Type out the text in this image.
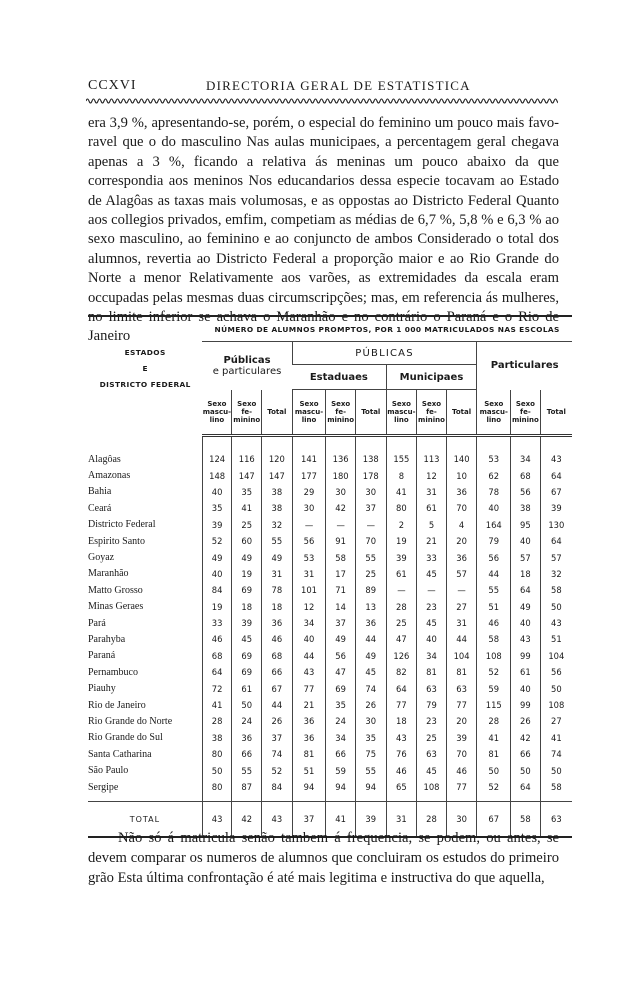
CCXVI	DIRECTORIA GERAL DE ESTATISTICA
era 3,9 %, apresentando-se, porém, o especial do feminino um pouco mais favo-ravel que o do masculino Nas aulas municipaes, a percentagem geral chegava apenas a 3 %, ficando a relativa ás meninas um pouco abaixo da que correspondia aos meninos Nos educandarios dessa especie tocavam ao Estado de Alagôas as taxas mais volumosas, e as oppostas ao Districto Federal Quanto aos collegios privados, emfim, competiam as médias de 6,7 %, 5,8 % e 6,3 % ao sexo masculino, ao feminino e ao conjuncto de ambos Considerado o total dos alumnos, revertia ao Districto Federal a proporção maior e ao Rio Grande do Norte a menor Relativamente aos varões, as extremidades da escala eram occupadas pelas mesmas duas circumscripções; mas, em referencia ás mulheres, no limite inferior se achava o Maranhão e no contrário o Paraná e o Rio de Janeiro
ESTADOS
E
DISTRICTO FEDERAL	NÚMERO DE ALUMNOS PROMPTOS, POR 1 000 MATRICULADOS NAS ESCOLAS											
	Públicas
e particulares			PÚBLICAS						Particulares		
				Estaduaes			Municipaes					
	Sexo
mascu-
lino	Sexo
fe-
minino	Total	Sexo
mascu-
lino	Sexo
fe-
minino	Total	Sexo
mascu-
lino	Sexo
fe-
minino	Total	Sexo
mascu-
lino	Sexo
fe-
minino	Total

Alagôas	124	116	120	141	136	138	155	113	140	53	34	43
Amazonas	148	147	147	177	180	178	8	12	10	62	68	64
Bahia	40	35	38	29	30	30	41	31	36	78	56	67
Ceará	35	41	38	30	42	37	80	61	70	40	38	39
Districto Federal	39	25	32	—	—	—	2	5	4	164	95	130
Espirito Santo	52	60	55	56	91	70	19	21	20	79	40	64
Goyaz	49	49	49	53	58	55	39	33	36	56	57	57
Maranhão	40	19	31	31	17	25	61	45	57	44	18	32
Matto Grosso	84	69	78	101	71	89	—	—	—	55	64	58
Minas Geraes	19	18	18	12	14	13	28	23	27	51	49	50
Pará	33	39	36	34	37	36	25	45	31	46	40	43
Parahyba	46	45	46	40	49	44	47	40	44	58	43	51
Paraná	68	69	68	44	56	49	126	34	104	108	99	104
Pernambuco	64	69	66	43	47	45	82	81	81	52	61	56
Piauhy	72	61	67	77	69	74	64	63	63	59	40	50
Rio de Janeiro	41	50	44	21	35	26	77	79	77	115	99	108
Rio Grande do Norte	28	24	26	36	24	30	18	23	20	28	26	27
Rio Grande do Sul	38	36	37	36	34	35	43	25	39	41	42	41
Santa Catharina	80	66	74	81	66	75	76	63	70	81	66	74
São Paulo	50	55	52	51	59	55	46	45	46	50	50	50
Sergipe	80	87	84	94	94	94	65	108	77	52	64	58

TOTAL	43	42	43	37	41	39	31	28	30	67	58	63
Não só á matricula senão tambem á frequencia, se podem, ou antes, se devem comparar os numeros de alumnos que concluiram os estudos do primeiro grão Esta última confrontação é até mais legitima e instructiva do que aquella,
